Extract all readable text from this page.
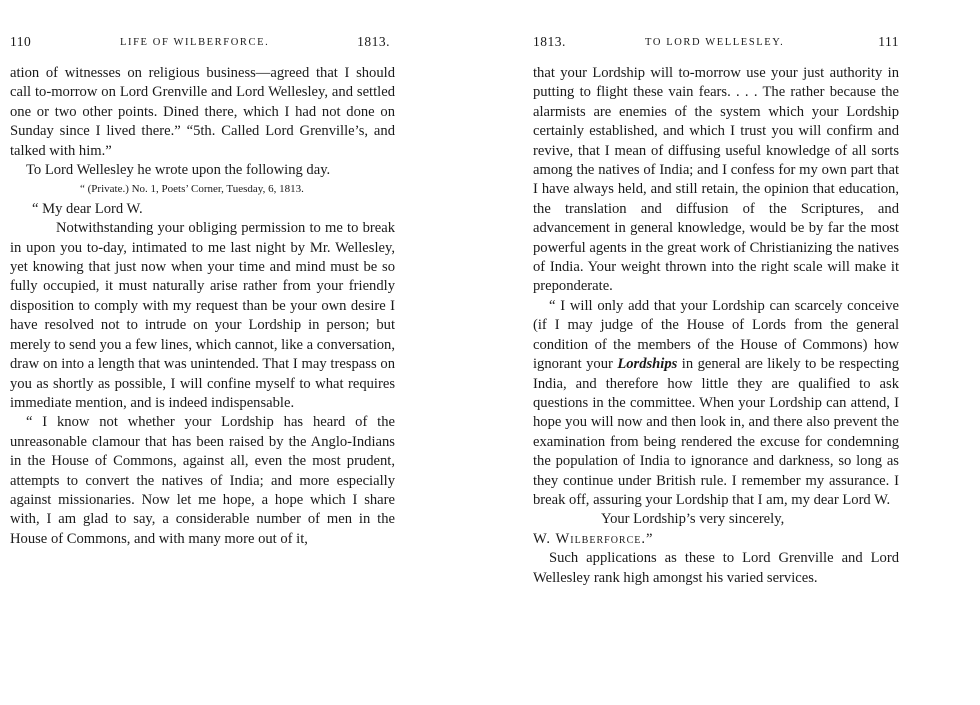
110	LIFE OF WILBERFORCE.	1813.

ation of witnesses on religious business—agreed that I should call to-morrow on Lord Grenville and Lord Wellesley, and settled one or two other points. Dined there, which I had not done on Sunday since I lived there.” “5th. Called Lord Grenville’s, and talked with him.”

To Lord Wellesley he wrote upon the following day.

“ (Private.) No. 1, Poets’ Corner, Tuesday, 6, 1813.

“ My dear Lord W.

Notwithstanding your obliging permission to me to break in upon you to-day, intimated to me last night by Mr. Wellesley, yet knowing that just now when your time and mind must be so fully occupied, it must naturally arise rather from your friendly disposition to comply with my request than be your own desire I have resolved not to intrude on your Lordship in person; but merely to send you a few lines, which cannot, like a conversation, draw on into a length that was unintended. That I may trespass on you as shortly as possible, I will confine myself to what requires immediate mention, and is indeed indispensable.

“ I know not whether your Lordship has heard of the unreasonable clamour that has been raised by the Anglo-Indians in the House of Commons, against all, even the most prudent, attempts to convert the natives of India; and more especially against missionaries. Now let me hope, a hope which I share with, I am glad to say, a considerable number of men in the House of Commons, and with many more out of it,

1813.	TO LORD WELLESLEY.	111

that your Lordship will to-morrow use your just authority in putting to flight these vain fears. . . . The rather because the alarmists are enemies of the system which your Lordship certainly established, and which I trust you will confirm and revive, that I mean of diffusing useful knowledge of all sorts among the natives of India; and I confess for my own part that I have always held, and still retain, the opinion that education, the translation and diffusion of the Scriptures, and advancement in general knowledge, would be by far the most powerful agents in the great work of Christianizing the natives of India. Your weight thrown into the right scale will make it preponderate.

“ I will only add that your Lordship can scarcely conceive (if I may judge of the House of Lords from the general condition of the members of the House of Commons) how ignorant your Lordships in general are likely to be respecting India, and therefore how little they are qualified to ask questions in the committee. When your Lordship can attend, I hope you will now and then look in, and there also prevent the examination from being rendered the excuse for condemning the population of India to ignorance and darkness, so long as they continue under British rule. I remember my assurance. I break off, assuring your Lordship that I am, my dear Lord W.

Your Lordship’s very sincerely,

W. Wilberforce.”

Such applications as these to Lord Grenville and Lord Wellesley rank high amongst his varied services.
